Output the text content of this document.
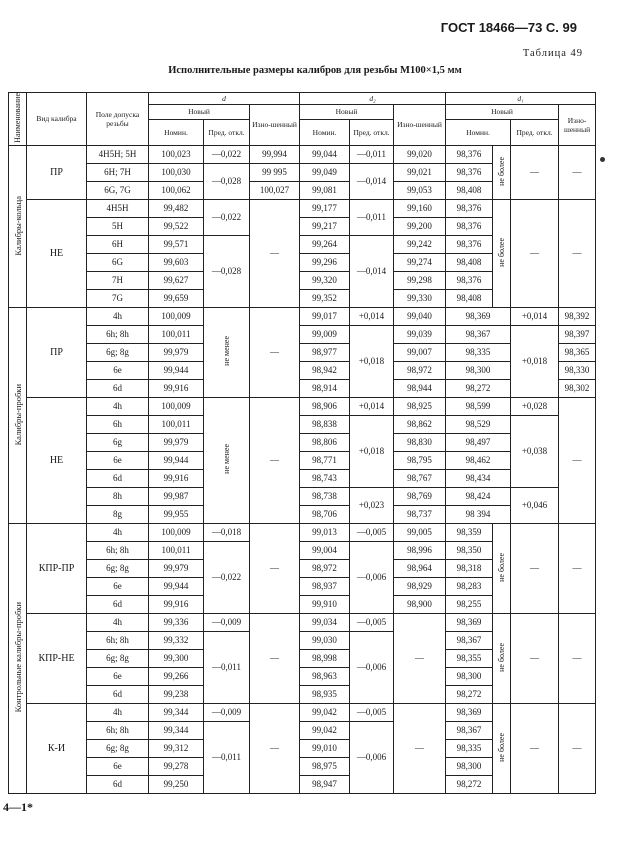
ГОСТ 18466—73 С. 99
Таблица 49
Исполнительные размеры калибров для резьбы М100×1,5 мм
Наименование	Вид калибра	Поле допуска резьбы	d			d₂			d₁			
			Новый		Изно-шенный	Новый		Изно-шенный	Новый			Изно-шенный
			Номин.	Пред. откл.		Номин.	Пред. откл.		Номин.		Пред. откл.	
Калибры-кольца	ПР	4Н5Н; 5Н	100,023	—0,022	99,994	99,044	—0,011	99,020	98,376	не более	—	—
		6Н; 7Н	100,030	—0,028	99 995	99,049	—0,014	99,021	98,376			
		6G, 7G	100,062		100,027	99,081		99,053	98,408			
	НЕ	4Н5Н	99,482	—0,022	—	99,177	—0,011	99,160	98,376	не более	—	—
		5Н	99,522			99,217		99,200	98,376			
		6Н	99,571	—0,028		99,264	—0,014	99,242	98,376			
		6G	99,603			99,296		99,274	98,408			
		7Н	99,627			99,320		99,298	98,376			
		7G	99,659			99,352		99,330	98,408			
Калибры-пробки	ПР	4h	100,009	не менее	—	99,017	+0,014	99,040	98,369		+0,014	98,392
		6h; 8h	100,011			99,009	+0,018	99,039	98,367		+0,018	98,397
		6g; 8g	99,979			98,977		99,007	98,335			98,365
		6e	99,944			98,942		98,972	98,300			98,330
		6d	99,916			98,914		98,944	98,272			98,302
	НЕ	4h	100,009	не менее	—	98,906	+0,014	98,925	98,599		+0,028	—
		6h	100,011			98,838	+0,018	98,862	98,529		+0,038	
		6g	99,979			98,806		98,830	98,497			
		6e	99,944			98,771		98,795	98,462			
		6d	99,916			98,743		98,767	98,434			
		8h	99,987			98,738	+0,023	98,769	98,424		+0,046	
		8g	99,955			98,706		98,737	98 394			
Контрольные калибры-пробки	КПР-ПР	4h	100,009	—0,018	—	99,013	—0,005	99,005	98,359	не более	—	—
		6h; 8h	100,011	—0,022		99,004	—0,006	98,996	98,350			
		6g; 8g	99,979			98,972		98,964	98,318			
		6e	99,944			98,937		98,929	98,283			
		6d	99,916			99,910		98,900	98,255			
	КПР-НЕ	4h	99,336	—0,009	—	99,034	—0,005	—	98,369	не более	—	—
		6h; 8h	99,332	—0,011		99,030	—0,006		98,367			
		6g; 8g	99,300			98,998			98,355			
		6e	99,266			98,963			98,300			
		6d	99,238			98,935			98,272			
	К-И	4h	99,344	—0,009	—	99,042	—0,005	—	98,369	не более	—	—
		6h; 8h	99,344	—0,011		99,042	—0,006		98,367			
		6g; 8g	99,312			99,010			98,335			
		6e	99,278			98,975			98,300			
		6d	99,250			98,947			98,272			
4—1*
